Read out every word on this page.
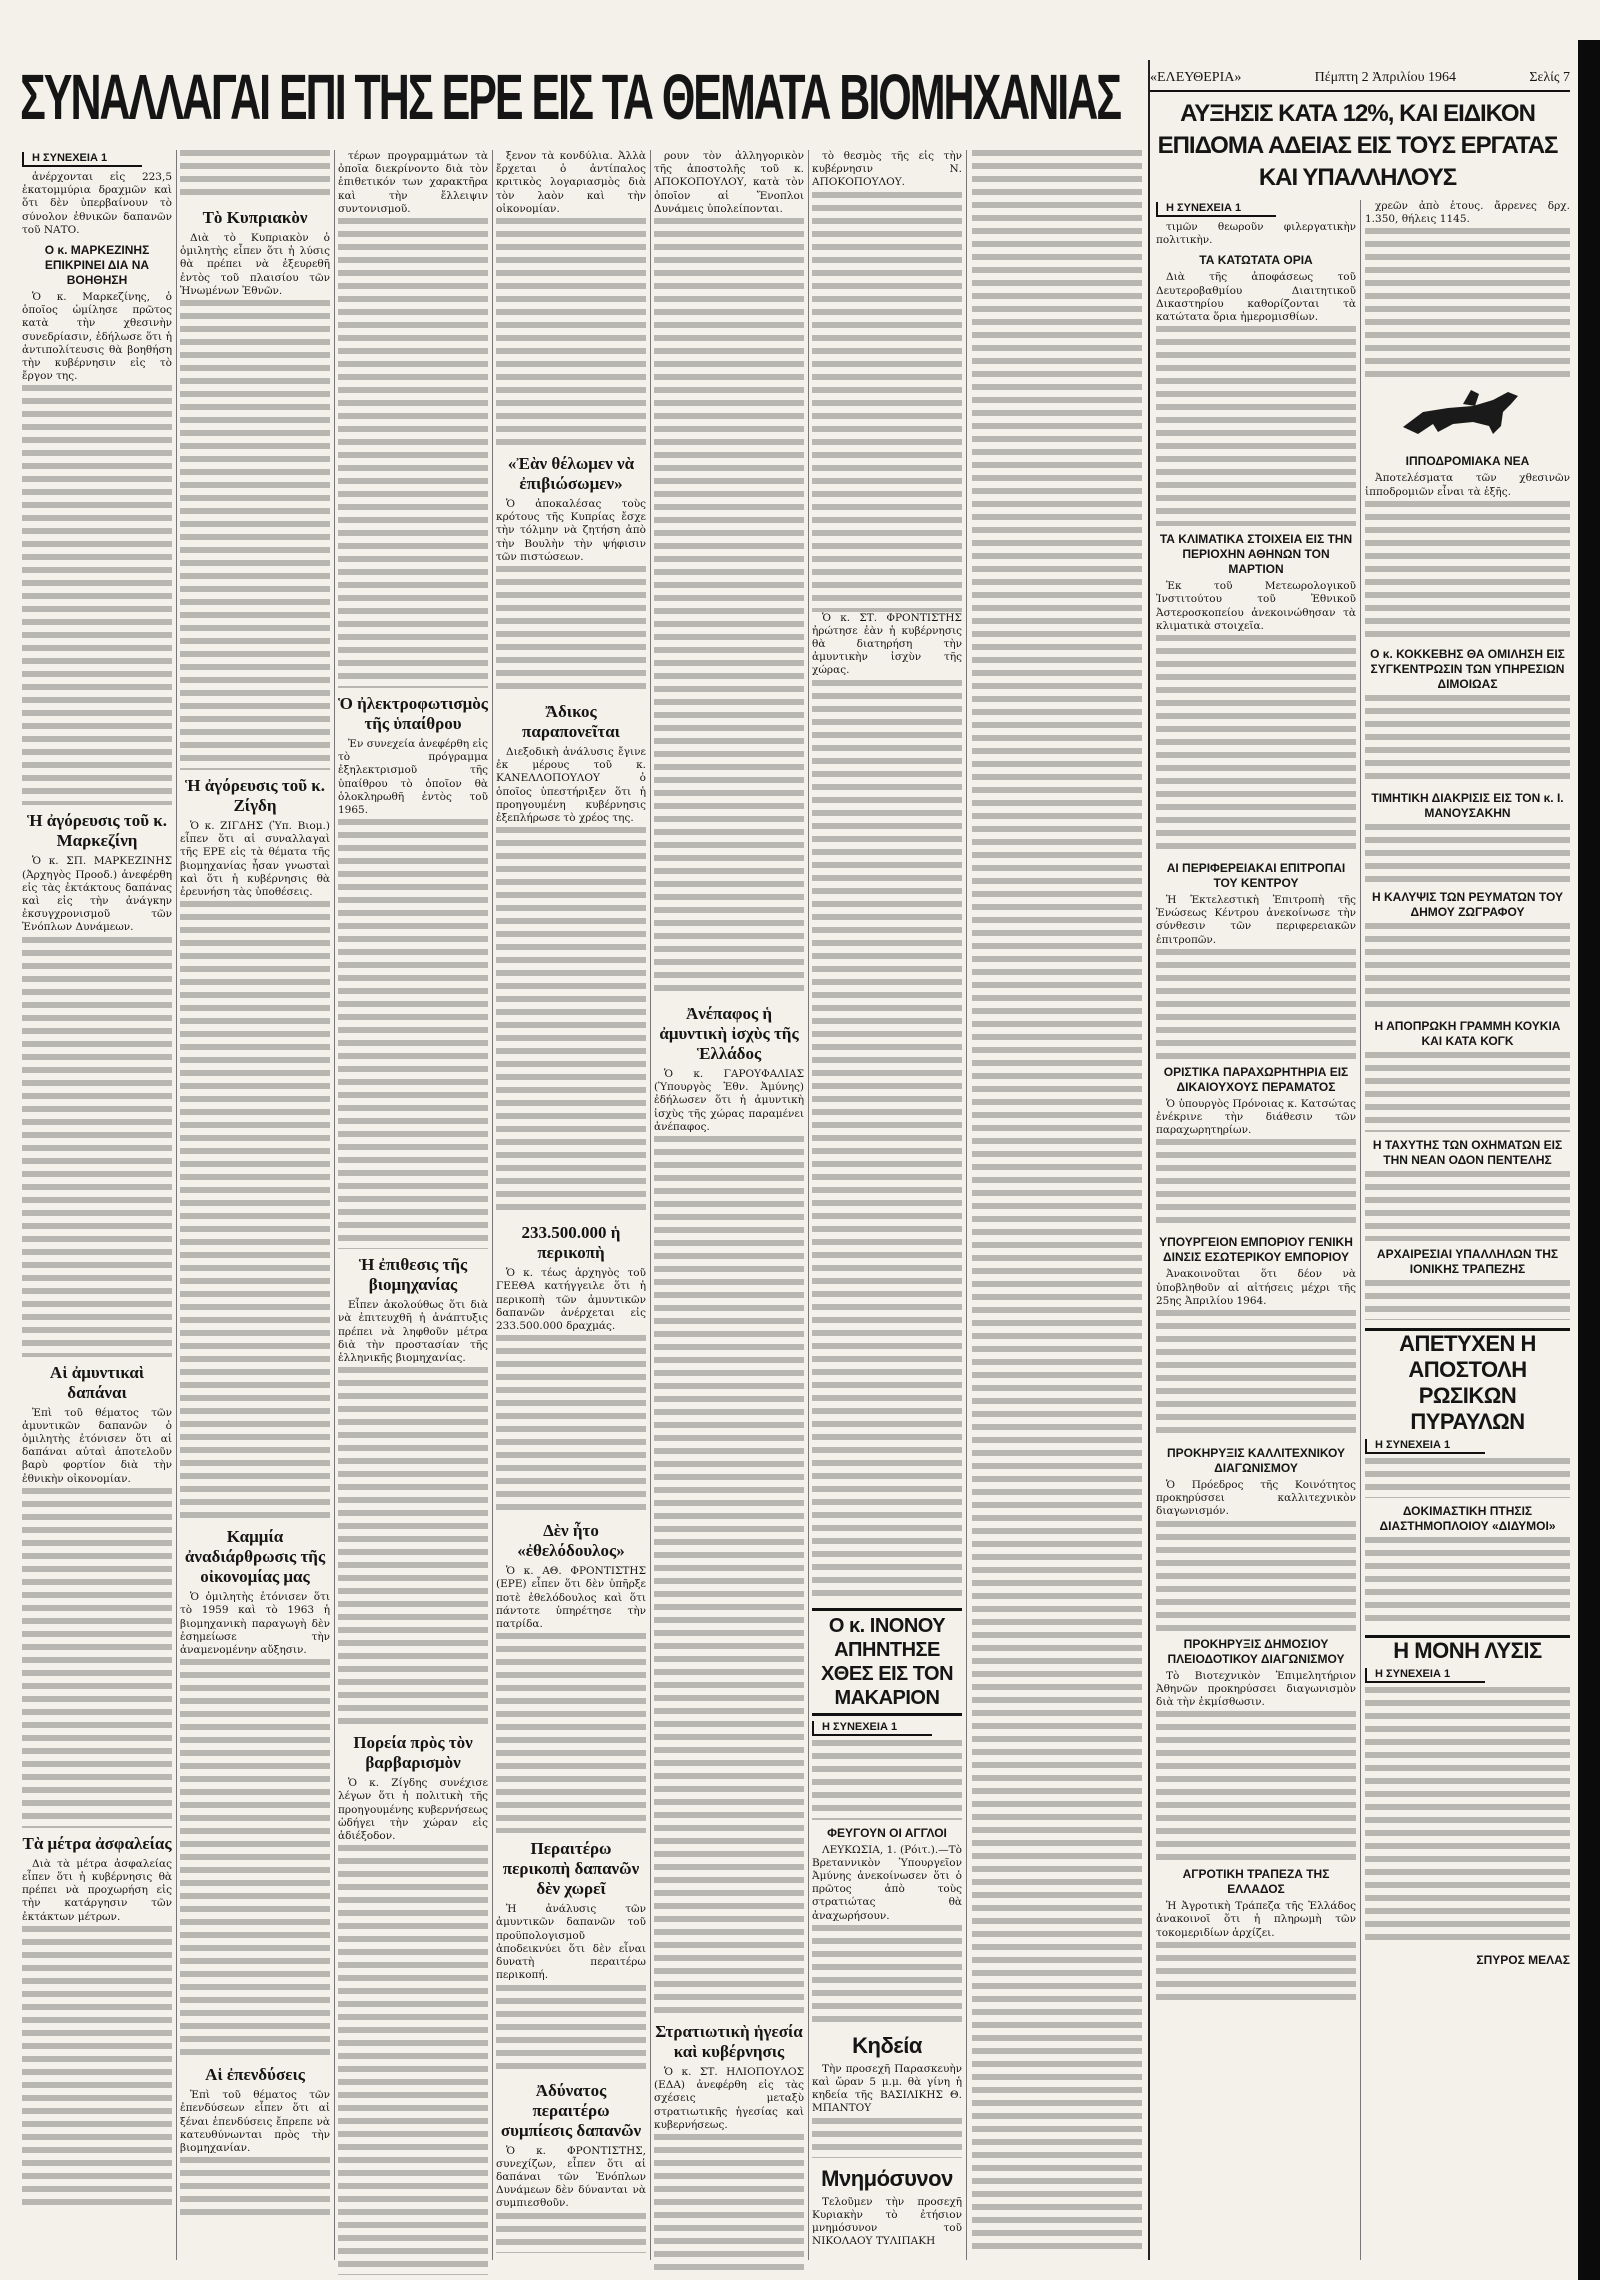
ΣΥΝΑΛΛΑΓΑΙ ΕΠΙ ΤΗΣ ΕΡΕ ΕΙΣ ΤΑ ΘΕΜΑΤΑ ΒΙΟΜΗΧΑΝΙΑΣ «ΕΛΕΥΘΕΡΙΑ»	Πέμπτη 2 Ἀπριλίου 1964	Σελίς 7
ΑΥΞΗΣΙΣ ΚΑΤΑ 12%, ΚΑΙ ΕΙΔΙΚΟΝ ΕΠΙΔΟΜΑ ΑΔΕΙΑΣ ΕΙΣ ΤΟΥΣ ΕΡΓΑΤΑΣ ΚΑΙ ΥΠΑΛΛΗΛΟΥΣ
Η ΣΥΝΕΧΕΙΑ 1

ἀνέρχονται εἰς 223,5 ἑκατομμύρια δραχμῶν καὶ ὅτι δὲν ὑπερβαίνουν τὸ σύνολον ἐθνικῶν δαπανῶν τοῦ ΝΑΤΟ.

Ο κ. ΜΑΡΚΕΖΙΝΗΣ ΕΠΙΚΡΙΝΕΙ ΔΙΑ ΝΑ ΒΟΗΘΗΣΗ

Ὁ κ. Μαρκεζίνης, ὁ ὁποῖος ὡμίλησε πρῶτος κατὰ τὴν χθεσινὴν συνεδρίασιν, ἐδήλωσε ὅτι ἡ ἀντιπολίτευσις θὰ βοηθήση τὴν κυβέρνησιν εἰς τὸ ἔργον της.

Ἡ ἀγόρευσις τοῦ κ. Μαρκεζίνη

Ὁ κ. ΣΠ. ΜΑΡΚΕΖΙΝΗΣ (Ἀρχηγὸς Προοδ.) ἀνεφέρθη εἰς τὰς ἐκτάκτους δαπάνας καὶ εἰς τὴν ἀνάγκην ἐκσυγχρονισμοῦ τῶν Ἐνόπλων Δυνάμεων.

Αἱ ἀμυντικαὶ δαπάναι

Ἐπὶ τοῦ θέματος τῶν ἀμυντικῶν δαπανῶν ὁ ὁμιλητὴς ἐτόνισεν ὅτι αἱ δαπάναι αὐταὶ ἀποτελοῦν βαρὺ φορτίον διὰ τὴν ἐθνικὴν οἰκονομίαν.

Τὰ μέτρα ἀσφαλείας

Διὰ τὰ μέτρα ἀσφαλείας εἶπεν ὅτι ἡ κυβέρνησις θὰ πρέπει νὰ προχωρήση εἰς τὴν κατάργησιν τῶν ἐκτάκτων μέτρων.

Τὸ Κυπριακὸν

Διὰ τὸ Κυπριακὸν ὁ ὁμιλητὴς εἶπεν ὅτι ἡ λύσις θὰ πρέπει νὰ ἐξευρεθῆ ἐντὸς τοῦ πλαισίου τῶν Ἡνωμένων Ἐθνῶν.

Ἡ ἀγόρευσις τοῦ κ. Ζίγδη

Ὁ κ. ΖΙΓΔΗΣ (Ὑπ. Βιομ.) εἶπεν ὅτι αἱ συναλλαγαὶ τῆς ΕΡΕ εἰς τὰ θέματα τῆς βιομηχανίας ἦσαν γνωσταὶ καὶ ὅτι ἡ κυβέρνησις θὰ ἐρευνήση τὰς ὑποθέσεις.

Καμμία ἀναδιάρθρωσις τῆς οἰκονομίας μας

Ὁ ὁμιλητὴς ἐτόνισεν ὅτι τὸ 1959 καὶ τὸ 1963 ἡ βιομηχανικὴ παραγωγὴ δὲν ἐσημείωσε τὴν ἀναμενομένην αὔξησιν.

Αἱ ἐπενδύσεις

Ἐπὶ τοῦ θέματος τῶν ἐπενδύσεων εἶπεν ὅτι αἱ ξέναι ἐπενδύσεις ἔπρεπε νὰ κατευθύνωνται πρὸς τὴν βιομηχανίαν.

τέρων προγραμμάτων τὰ ὁποῖα διεκρίνοντο διὰ τὸν ἐπιθετικόν των χαρακτῆρα καὶ τὴν ἔλλειψιν συντονισμοῦ.

Ὁ ἠλεκτροφωτισμὸς τῆς ὑπαίθρου

Ἐν συνεχεία ἀνεφέρθη εἰς τὸ πρόγραμμα ἐξηλεκτρισμοῦ τῆς ὑπαίθρου τὸ ὁποῖον θὰ ὁλοκληρωθῆ ἐντὸς τοῦ 1965.

Ἡ ἐπιθεσις τῆς βιομηχανίας

Εἶπεν ἀκολούθως ὅτι διὰ νὰ ἐπιτευχθῆ ἡ ἀνάπτυξις πρέπει νὰ ληφθοῦν μέτρα διὰ τὴν προστασίαν τῆς ἑλληνικῆς βιομηχανίας.

Πορεία πρὸς τὸν βαρβαρισμὸν

Ὁ κ. Ζίγδης συνέχισε λέγων ὅτι ἡ πολιτικὴ τῆς προηγουμένης κυβερνήσεως ὡδήγει τὴν χώραν εἰς ἀδιέξοδον.

ξενον τὰ κονδύλια. Ἀλλὰ ἔρχεται ὁ ἀντίπαλος κριτικὸς λογαριασμὸς διὰ τὸν λαὸν καὶ τὴν οἰκονομίαν.

«Ἐὰν θέλωμεν νὰ ἐπιβιώσωμεν»

Ὁ ἀποκαλέσας τοὺς κρότους τῆς Κυπρίας ἔσχε τὴν τόλμην νὰ ζητήση ἀπὸ τὴν Βουλὴν τὴν ψήφισιν τῶν πιστώσεων.

Ἄδικος παραπονεῖται

Διεξοδικὴ ἀνάλυσις ἔγινε ἐκ μέρους τοῦ κ. ΚΑΝΕΛΛΟΠΟΥΛΟΥ ὁ ὁποῖος ὑπεστήριξεν ὅτι ἡ προηγουμένη κυβέρνησις ἐξεπλήρωσε τὸ χρέος της.

233.500.000 ἡ περικοπὴ

Ὁ κ. τέως ἀρχηγὸς τοῦ ΓΕΕΘΑ κατήγγειλε ὅτι ἡ περικοπὴ τῶν ἀμυντικῶν δαπανῶν ἀνέρχεται εἰς 233.500.000 δραχμάς.

Δὲν ἦτο «ἐθελόδουλος»

Ὁ κ. ΑΘ. ΦΡΟΝΤΙΣΤΗΣ (ΕΡΕ) εἶπεν ὅτι δὲν ὑπῆρξε ποτὲ ἐθελόδουλος καὶ ὅτι πάντοτε ὑπηρέτησε τὴν πατρίδα.

Περαιτέρω περικοπὴ δαπανῶν δὲν χωρεῖ

Ἡ ἀνάλυσις τῶν ἀμυντικῶν δαπανῶν τοῦ προϋπολογισμοῦ ἀποδεικνύει ὅτι δὲν εἶναι δυνατὴ περαιτέρω περικοπή.

Ἀδύνατος περαιτέρω συμπίεσις δαπανῶν

Ὁ κ. ΦΡΟΝΤΙΣΤΗΣ, συνεχίζων, εἶπεν ὅτι αἱ δαπάναι τῶν Ἐνόπλων Δυνάμεων δὲν δύνανται νὰ συμπιεσθοῦν.

ρουν τὸν ἀλληγορικὸν τῆς ἀποστολῆς τοῦ κ. ΑΠΟΚΟΠΟΥΛΟΥ, κατὰ τὸν ὁποῖον αἱ Ἔνοπλοι Δυνάμεις ὑπολείπονται.

Ἀνέπαφος ἡ ἀμυντικὴ ἰσχὺς τῆς Ἑλλάδος

Ὁ κ. ΓΑΡΟΥΦΑΛΙΑΣ (Ὑπουργὸς Ἐθν. Ἀμύνης) ἐδήλωσεν ὅτι ἡ ἀμυντικὴ ἰσχὺς τῆς χώρας παραμένει ἀνέπαφος.

Στρατιωτικὴ ἡγεσία καὶ κυβέρνησις

Ὁ κ. ΣΤ. ΗΛΙΟΠΟΥΛΟΣ (ΕΔΑ) ἀνεφέρθη εἰς τὰς σχέσεις μεταξὺ στρατιωτικῆς ἡγεσίας καὶ κυβερνήσεως.

τὸ θεσμὸς τῆς εἰς τὴν κυβέρνησιν Ν. ΑΠΟΚΟΠΟΥΛΟΥ.

Ὁ κ. ΣΤ. ΦΡΟΝΤΙΣΤΗΣ ἠρώτησε ἐὰν ἡ κυβέρνησις θὰ διατηρήση τὴν ἀμυντικὴν ἰσχὺν τῆς χώρας.

Ο κ. ΙΝΟΝΟΥ ΑΠΗΝΤΗΣΕ ΧΘΕΣ ΕΙΣ ΤΟΝ ΜΑΚΑΡΙΟΝ
Η ΣΥΝΕΧΕΙΑ 1
ΦΕΥΓΟΥΝ ΟΙ ΑΓΓΛΟΙ

ΛΕΥΚΩΣΙΑ, 1. (Ρόιτ.).—Τὸ Βρεταννικὸν Ὑπουργεῖον Ἀμύνης ἀνεκοίνωσεν ὅτι ὁ πρῶτος ἀπὸ τοὺς στρατιώτας θὰ ἀναχωρήσουν.

Κηδεία

Τὴν προσεχῆ Παρασκευὴν καὶ ὥραν 5 μ.μ. θὰ γίνη ἡ κηδεία τῆς ΒΑΣΙΛΙΚΗΣ Θ. ΜΠΑΝΤΟΥ

Μνημόσυνον

Τελοῦμεν τὴν προσεχῆ Κυριακὴν τὸ ἐτήσιον μνημόσυνον τοῦ ΝΙΚΟΛΑΟΥ ΤΥΛΙΠΑΚΗ

Η ΣΥΝΕΧΕΙΑ 1

τιμῶν θεωροῦν φιλεργατικὴν πολιτικὴν.

ΤΑ ΚΑΤΩΤΑΤΑ ΟΡΙΑ

Διὰ τῆς ἀποφάσεως τοῦ Δευτεροβαθμίου Διαιτητικοῦ Δικαστηρίου καθορίζονται τὰ κατώτατα ὅρια ἡμερομισθίων.

ΤΑ ΚΛΙΜΑΤΙΚΑ ΣΤΟΙΧΕΙΑ ΕΙΣ ΤΗΝ ΠΕΡΙΟΧΗΝ ΑΘΗΝΩΝ ΤΟΝ ΜΑΡΤΙΟΝ

Ἐκ τοῦ Μετεωρολογικοῦ Ἰνστιτούτου τοῦ Ἐθνικοῦ Ἀστεροσκοπείου ἀνεκοινώθησαν τὰ κλιματικὰ στοιχεῖα.

ΑΙ ΠΕΡΙΦΕΡΕΙΑΚΑΙ ΕΠΙΤΡΟΠΑΙ ΤΟΥ ΚΕΝΤΡΟΥ

Ἡ Ἐκτελεστικὴ Ἐπιτροπὴ τῆς Ἑνώσεως Κέντρου ἀνεκοίνωσε τὴν σύνθεσιν τῶν περιφερειακῶν ἐπιτροπῶν.

ΟΡΙΣΤΙΚΑ ΠΑΡΑΧΩΡΗΤΗΡΙΑ ΕΙΣ ΔΙΚΑΙΟΥΧΟΥΣ ΠΕΡΑΜΑΤΟΣ

Ὁ ὑπουργὸς Πρόνοιας κ. Κατσώτας ἐνέκρινε τὴν διάθεσιν τῶν παραχωρητηρίων.

ΥΠΟΥΡΓΕΙΟΝ ΕΜΠΟΡΙΟΥ ΓΕΝΙΚΗ ΔΙΝΣΙΣ ΕΣΩΤΕΡΙΚΟΥ ΕΜΠΟΡΙΟΥ

Ἀνακοινοῦται ὅτι δέον νὰ ὑποβληθοῦν αἱ αἰτήσεις μέχρι τῆς 25ης Ἀπριλίου 1964.

ΠΡΟΚΗΡΥΞΙΣ ΚΑΛΛΙΤΕΧΝΙΚΟΥ ΔΙΑΓΩΝΙΣΜΟΥ

Ὁ Πρόεδρος τῆς Κοινότητος προκηρύσσει καλλιτεχνικὸν διαγωνισμόν.

ΠΡΟΚΗΡΥΞΙΣ ΔΗΜΟΣΙΟΥ ΠΛΕΙΟΔΟΤΙΚΟΥ ΔΙΑΓΩΝΙΣΜΟΥ

Τὸ Βιοτεχνικὸν Ἐπιμελητήριον Ἀθηνῶν προκηρύσσει διαγωνισμὸν διὰ τὴν ἐκμίσθωσιν.

ΑΓΡΟΤΙΚΗ ΤΡΑΠΕΖΑ ΤΗΣ ΕΛΛΑΔΟΣ

Ἡ Ἀγροτικὴ Τράπεζα τῆς Ἑλλάδος ἀνακοινοῖ ὅτι ἡ πληρωμὴ τῶν τοκομεριδίων ἀρχίζει.

χρεῶν ἀπὸ ἐτους. ἄρρενες δρχ. 1.350, θήλεις 1145.

ΙΠΠΟΔΡΟΜΙΑΚΑ ΝΕΑ

Ἀποτελέσματα τῶν χθεσινῶν ἱπποδρομιῶν εἶναι τὰ ἑξῆς.

Ο κ. ΚΟΚΚΕΒΗΣ ΘΑ ΟΜΙΛΗΣΗ ΕΙΣ ΣΥΓΚΕΝΤΡΩΣΙΝ ΤΩΝ ΥΠΗΡΕΣΙΩΝ ΔΙΜΟΙΩΑΣ
ΤΙΜΗΤΙΚΗ ΔΙΑΚΡΙΣΙΣ ΕΙΣ ΤΟΝ κ. Ι. ΜΑΝΟΥΣΑΚΗΝ
Η ΚΑΛΥΨΙΣ ΤΩΝ ΡΕΥΜΑΤΩΝ ΤΟΥ ΔΗΜΟΥ ΖΩΓΡΑΦΟΥ
Η ΑΠΟΠΡΩΚΗ ΓΡΑΜΜΗ ΚΟΥΚΙΑ ΚΑΙ ΚΑΤΑ ΚΟΓΚ
Η ΤΑΧΥΤΗΣ ΤΩΝ ΟΧΗΜΑΤΩΝ ΕΙΣ ΤΗΝ ΝΕΑΝ ΟΔΟΝ ΠΕΝΤΕΛΗΣ
ΑΡΧΑΙΡΕΣΙΑΙ ΥΠΑΛΛΗΛΩΝ ΤΗΣ ΙΟΝΙΚΗΣ ΤΡΑΠΕΖΗΣ
ΑΠΕΤΥΧΕΝ Η ΑΠΟΣΤΟΛΗ ΡΩΣΙΚΩΝ ΠΥΡΑΥΛΩΝ
Η ΣΥΝΕΧΕΙΑ 1
ΔΟΚΙΜΑΣΤΙΚΗ ΠΤΗΣΙΣ ΔΙΑΣΤΗΜΟΠΛΟΙΟΥ «ΔΙΔΥΜΟΙ»
Η ΜΟΝΗ ΛΥΣΙΣ
Η ΣΥΝΕΧΕΙΑ 1
ΣΠΥΡΟΣ ΜΕΛΑΣ
